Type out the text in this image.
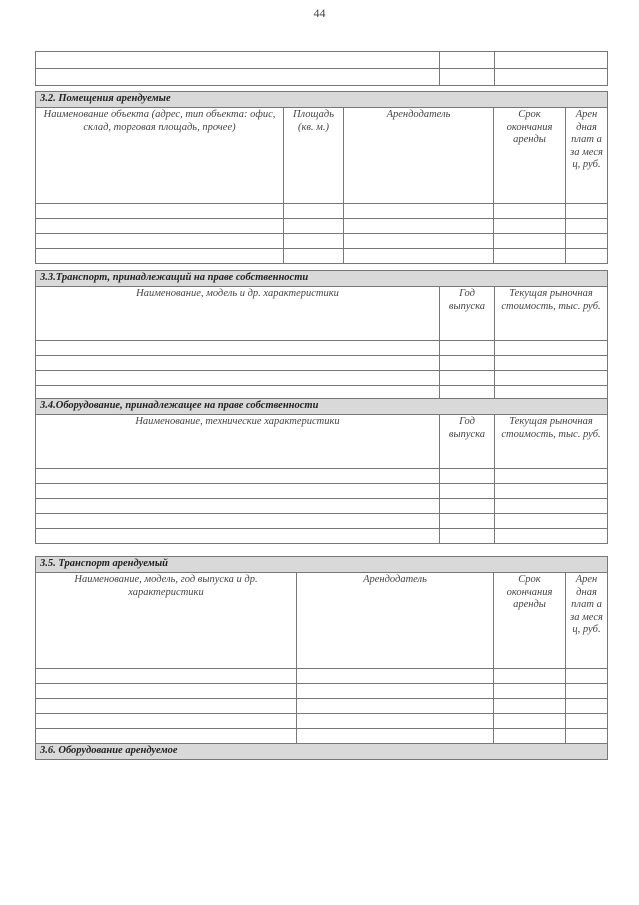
44

3.2. Помещения арендуемые				
Наименование объекта (адрес, тип объекта: офис, склад, торговая площадь, прочее)	Площадь (кв. м.)	Арендодатель	Срок окончания аренды	Арен дная плат а за меся ц, руб.

3.3.Транспорт, принадлежащий на праве собственности		
Наименование, модель и др. характеристики	Год выпуска	Текущая рыночная стоимость, тыс. руб.

3.4.Оборудование, принадлежащее на праве собственности		
Наименование, технические характеристики	Год выпуска	Текущая рыночная стоимость, тыс. руб.

3.5. Транспорт арендуемый			
Наименование, модель, год выпуска и др. характеристики	Арендодатель	Срок окончания аренды	Арен дная плат а за меся ц, руб.

3.6. Оборудование арендуемое			
